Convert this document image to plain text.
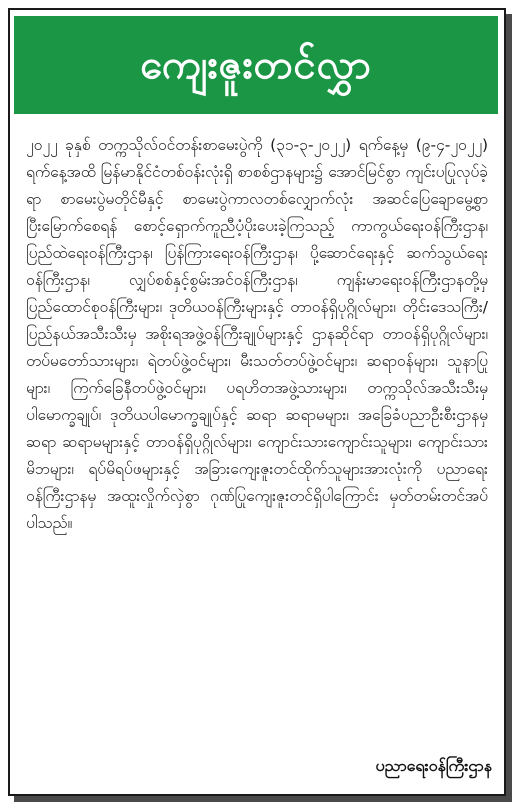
ကျေးဇူးတင်လွှာ
၂၀၂၂ ခုနှစ် တက္ကသိုလ်ဝင်တန်းစာမေးပွဲကို (၃၁-၃-၂၀၂၂) ရက်နေ့မှ (၉-၄-၂၀၂၂) ရက်နေ့အထိ မြန်မာနိုင်ငံတစ်ဝန်းလုံးရှိ စာစစ်ဌာနများ၌ အောင်မြင်စွာ ကျင်းပပြုလုပ်ခဲ့ရာ စာမေးပွဲမတိုင်မီနှင့် စာမေးပွဲကာလတစ်လျှောက်လုံး အဆင်ပြေချောမွေ့စွာ ပြီးမြောက်စေရန် စောင့်ရှောက်ကူညီပံ့ပိုးပေးခဲ့ကြသည့် ကာကွယ်ရေးဝန်ကြီးဌာန၊ ပြည်ထဲရေးဝန်ကြီးဌာန၊ ပြန်ကြားရေးဝန်ကြီးဌာန၊ ပို့ဆောင်ရေးနှင့် ဆက်သွယ်ရေးဝန်ကြီးဌာန၊ လျှပ်စစ်နှင့်စွမ်းအင်ဝန်ကြီးဌာန၊ ကျန်းမာရေးဝန်ကြီးဌာနတို့မှ ပြည်ထောင်စုဝန်ကြီးများ၊ ဒုတိယဝန်ကြီးများနှင့် တာဝန်ရှိပုဂ္ဂိုလ်များ၊ တိုင်းဒေသကြီး/ ပြည်နယ်အသီးသီးမှ အစိုးရအဖွဲ့ဝန်ကြီးချုပ်များနှင့် ဌာနဆိုင်ရာ တာဝန်ရှိပုဂ္ဂိုလ်များ၊ တပ်မတော်သားများ၊ ရဲတပ်ဖွဲ့ဝင်များ၊ မီးသတ်တပ်ဖွဲ့ဝင်များ၊ ဆရာဝန်များ၊ သူနာပြုများ၊ ကြက်ခြေနီတပ်ဖွဲ့ဝင်များ၊ ပရဟိတအဖွဲ့သားများ၊ တက္ကသိုလ်အသီးသီးမှ ပါမောက္ခချုပ်၊ ဒုတိယပါမောက္ခချုပ်နှင့် ဆရာ ဆရာမများ၊ အခြေခံပညာဦးစီးဌာနမှ ဆရာ ဆရာမများနှင့် တာဝန်ရှိပုဂ္ဂိုလ်များ၊ ကျောင်းသားကျောင်းသူများ၊ ကျောင်းသား မိဘများ၊ ရပ်မိရပ်ဖများနှင့် အခြားကျေးဇူးတင်ထိုက်သူများအားလုံးကို ပညာရေးဝန်ကြီးဌာနမှ အထူးလှိုက်လှဲစွာ ဂုဏ်ပြုကျေးဇူးတင်ရှိပါကြောင်း မှတ်တမ်းတင်အပ်ပါသည်။
ပညာရေးဝန်ကြီးဌာန
